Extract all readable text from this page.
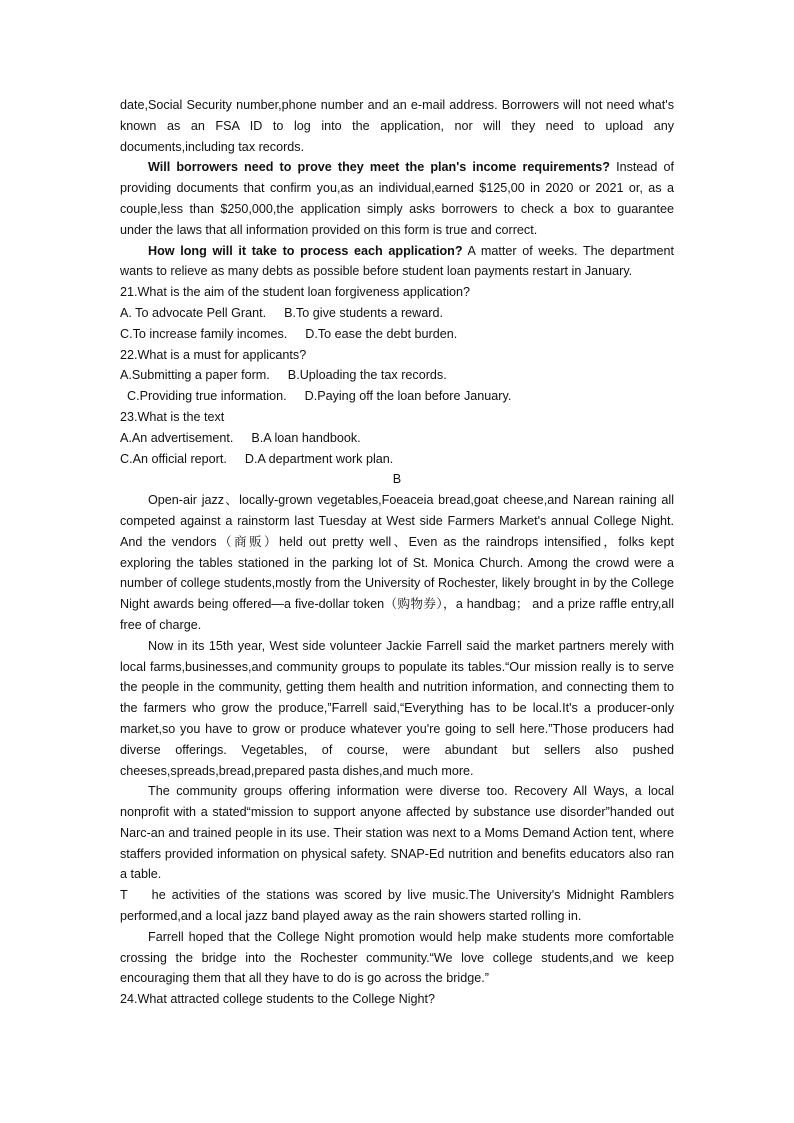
date,Social Security number,phone number and an e-mail address. Borrowers will not need what's known as an FSA ID to log into the application, nor will they need to upload any documents,including tax records.

Will borrowers need to prove they meet the plan's income requirements? Instead of providing documents that confirm you,as an individual,earned $125,00 in 2020 or 2021 or, as a couple,less than $250,000,the application simply asks borrowers to check a box to guarantee under the laws that all information provided on this form is true and correct.

How long will it take to process each application? A matter of weeks. The department wants to relieve as many debts as possible before student loan payments restart in January.

21.What is the aim of the student loan forgiveness application?

A. To advocate Pell Grant. B.To give students a reward.

C.To increase family incomes. D.To ease the debt burden.

22.What is a must for applicants?

A.Submitting a paper form. B.Uploading the tax records.

C.Providing true information. D.Paying off the loan before January.

23.What is the text

A.An advertisement. B.A loan handbook.

C.An official report. D.A department work plan.

B

Open-air jazz、locally-grown vegetables,Foeaceia bread,goat cheese,and Narean raining all competed against a rainstorm last Tuesday at West side Farmers Market's annual College Night. And the vendors（商贩）held out pretty well、Even as the raindrops intensified，folks kept exploring the tables stationed in the parking lot of St. Monica Church. Among the crowd were a number of college students,mostly from the University of Rochester, likely brought in by the College Night awards being offered—a five-dollar token（购物券），a handbag； and a prize raffle entry,all free of charge.

Now in its 15th year, West side volunteer Jackie Farrell said the market partners merely with local farms,businesses,and community groups to populate its tables.“Our mission really is to serve the people in the community, getting them health and nutrition information, and connecting them to the farmers who grow the produce,”Farrell said,“Everything has to be local.It's a producer-only market,so you have to grow or produce whatever you're going to sell here.”Those producers had diverse offerings. Vegetables, of course, were abundant but sellers also pushed cheeses,spreads,bread,prepared pasta dishes,and much more.

The community groups offering information were diverse too. Recovery All Ways, a local nonprofit with a stated“mission to support anyone affected by substance use disorder”handed out Narc-an and trained people in its use. Their station was next to a Moms Demand Action tent, where staffers provided information on physical safety. SNAP-Ed nutrition and benefits educators also ran a table.

T    he activities of the stations was scored by live music.The University's Midnight Ramblers performed,and a local jazz band played away as the rain showers started rolling in.

Farrell hoped that the College Night promotion would help make students more comfortable crossing the bridge into the Rochester community.“We love college students,and we keep encouraging them that all they have to do is go across the bridge.”

24.What attracted college students to the College Night?
